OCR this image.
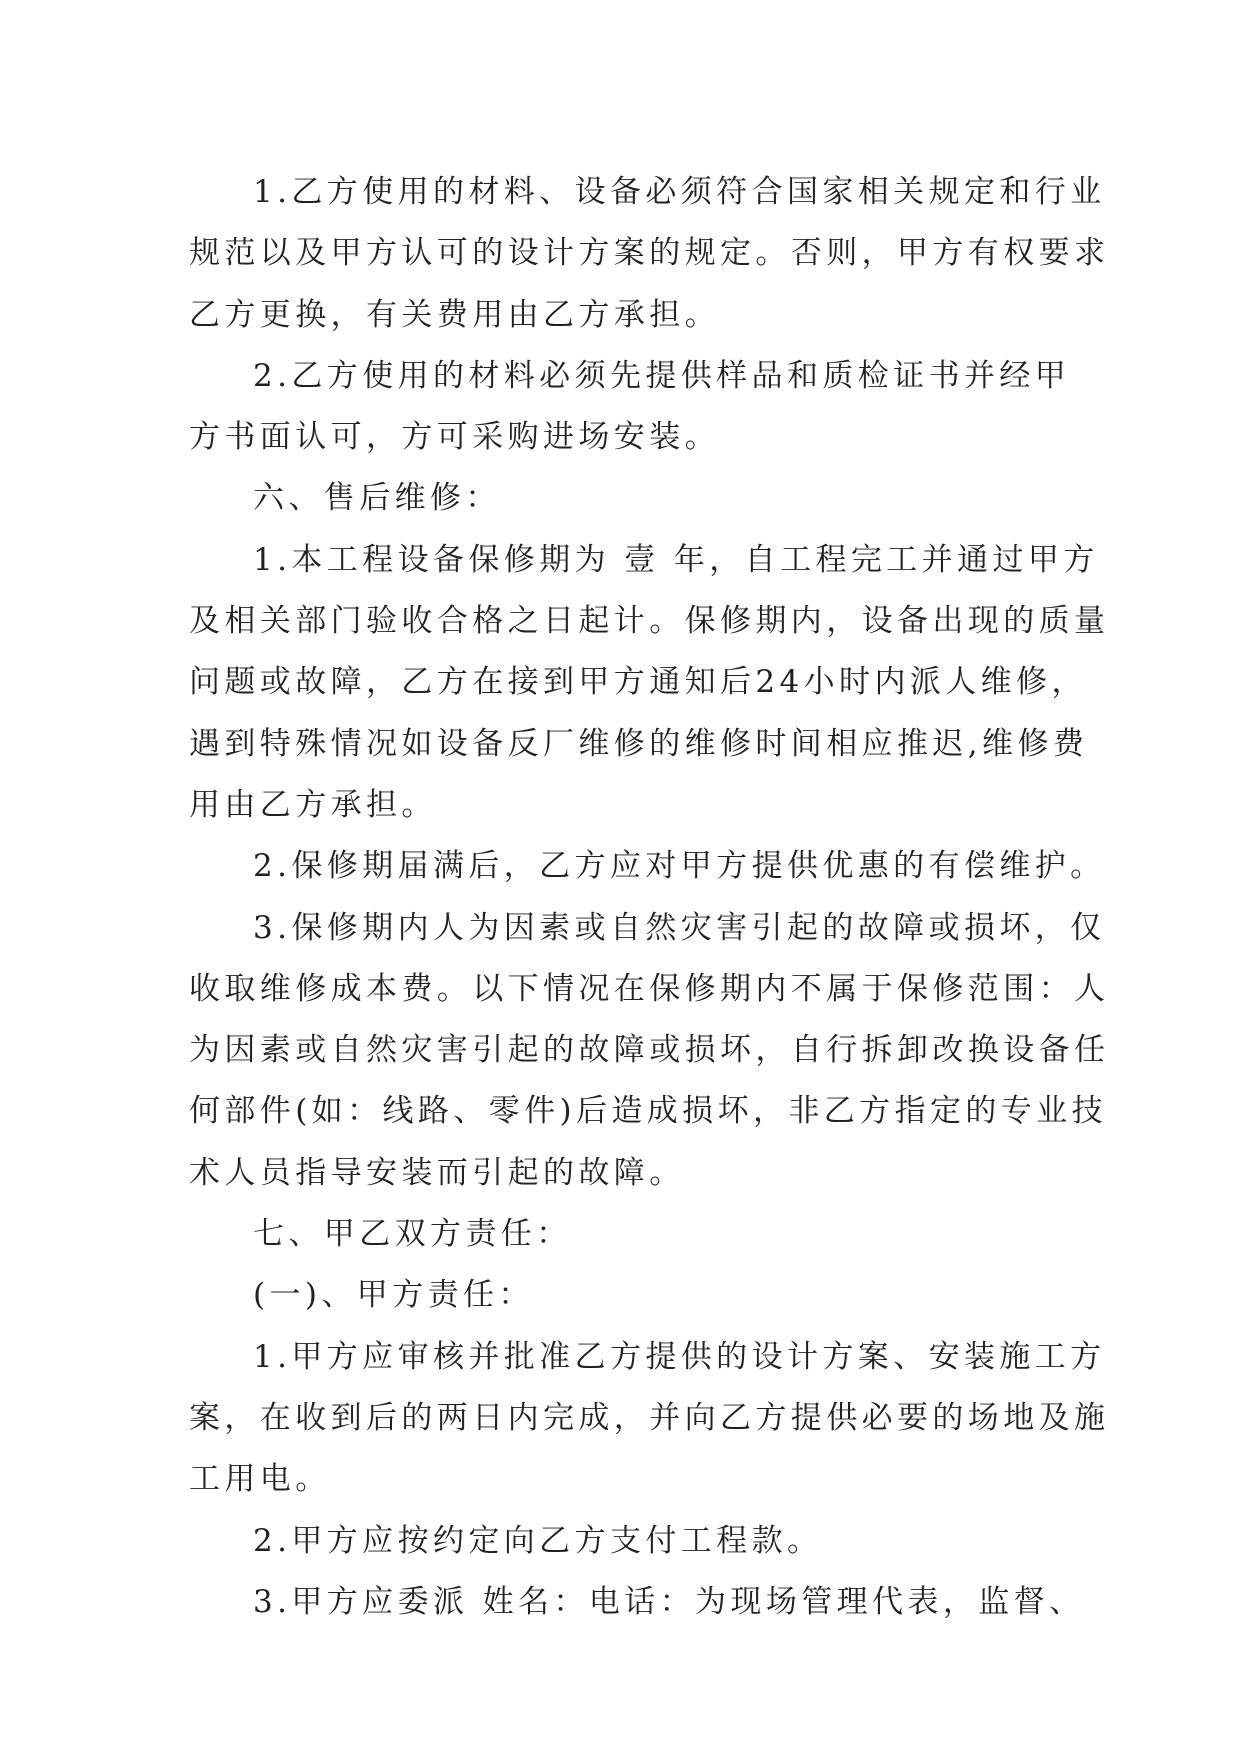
1.乙方使用的材料、设备必须符合国家相关规定和行业
规范以及甲方认可的设计方案的规定。否则，甲方有权要求
乙方更换，有关费用由乙方承担。
2.乙方使用的材料必须先提供样品和质检证书并经甲
方书面认可，方可采购进场安装。
六、售后维修：
1.本工程设备保修期为 壹 年，自工程完工并通过甲方
及相关部门验收合格之日起计。保修期内，设备出现的质量
问题或故障，乙方在接到甲方通知后24小时内派人维修，
遇到特殊情况如设备反厂维修的维修时间相应推迟,维修费
用由乙方承担。
2.保修期届满后，乙方应对甲方提供优惠的有偿维护。
3.保修期内人为因素或自然灾害引起的故障或损坏，仅
收取维修成本费。以下情况在保修期内不属于保修范围：人
为因素或自然灾害引起的故障或损坏，自行拆卸改换设备任
何部件(如：线路、零件)后造成损坏，非乙方指定的专业技
术人员指导安装而引起的故障。
七、甲乙双方责任：
(一)、甲方责任：
1.甲方应审核并批准乙方提供的设计方案、安装施工方
案，在收到后的两日内完成，并向乙方提供必要的场地及施
工用电。
2.甲方应按约定向乙方支付工程款。
3.甲方应委派 姓名：电话：为现场管理代表，监督、
